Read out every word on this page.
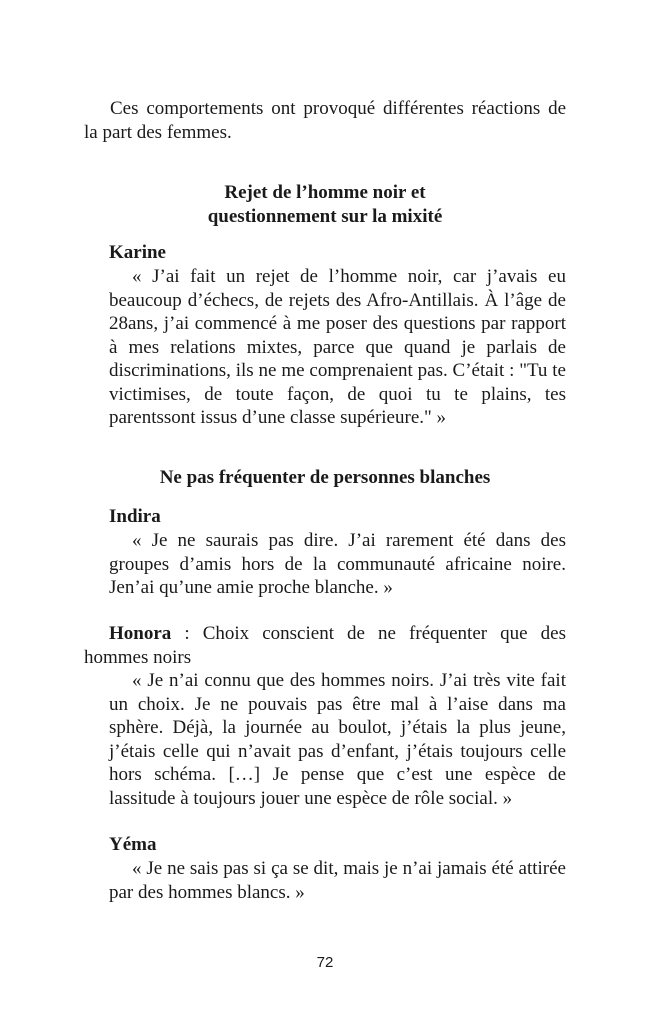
Ces comportements ont provoqué différentes réactions de la part des femmes.

Rejet de l’homme noir et
questionnement sur la mixité
Karine

« J’ai fait un rejet de l’homme noir, car j’avais eu beaucoup d’échecs, de rejets des Afro-Antillais. À l’âge de 28ans, j’ai commencé à me poser des questions par rapport à mes relations mixtes, parce que quand je parlais de discriminations, ils ne me comprenaient pas. C’était : "Tu te victimises, de toute façon, de quoi tu te plains, tes parentssont issus d’une classe supérieure." »

Ne pas fréquenter de personnes blanches
Indira

« Je ne saurais pas dire. J’ai rarement été dans des groupes d’amis hors de la communauté africaine noire. Jen’ai qu’une amie proche blanche. »

Honora : Choix conscient de ne fréquenter que des hommes noirs

« Je n’ai connu que des hommes noirs. J’ai très vite fait un choix. Je ne pouvais pas être mal à l’aise dans ma sphère. Déjà, la journée au boulot, j’étais la plus jeune, j’étais celle qui n’avait pas d’enfant, j’étais toujours celle hors schéma. […] Je pense que c’est une espèce de lassitude à toujours jouer une espèce de rôle social. »

Yéma

« Je ne sais pas si ça se dit, mais je n’ai jamais été attirée par des hommes blancs. »

72
